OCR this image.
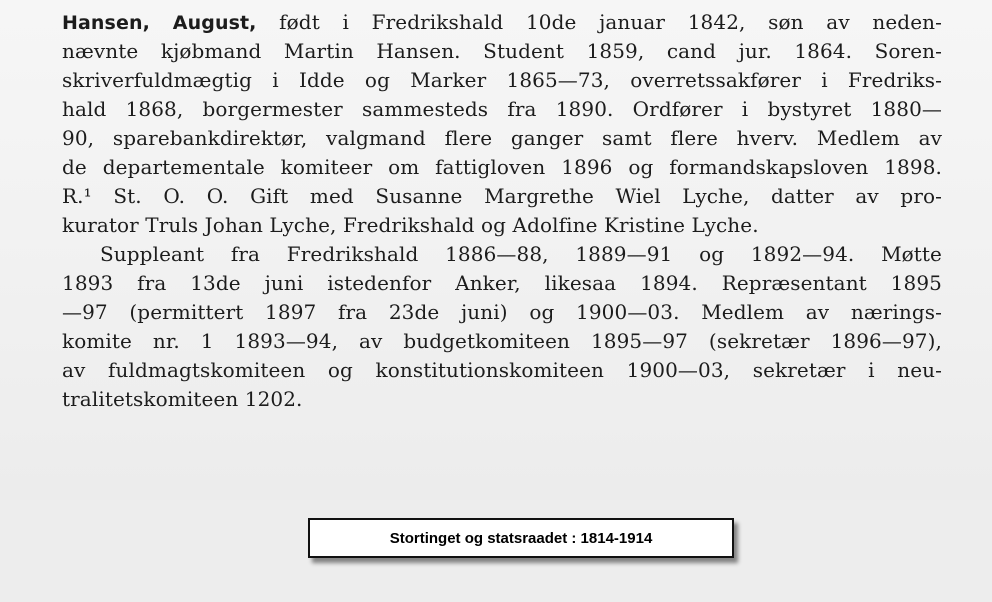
Hansen, August, født i Fredrikshald 10de januar 1842, søn av neden-
nævnte kjøbmand Martin Hansen. Student 1859, cand jur. 1864. Soren-
skriverfuldmægtig i Idde og Marker 1865—73, overretssakfører i Fredriks-
hald 1868, borgermester sammesteds fra 1890. Ordfører i bystyret 1880—
90, sparebankdirektør, valgmand flere ganger samt flere hverv. Medlem av
de departementale komiteer om fattigloven 1896 og formandskapsloven 1898.
R.¹ St. O. O. Gift med Susanne Margrethe Wiel Lyche, datter av pro-
kurator Truls Johan Lyche, Fredrikshald og Adolfine Kristine Lyche.
Suppleant fra Fredrikshald 1886—88, 1889—91 og 1892—94. Møtte
1893 fra 13de juni istedenfor Anker, likesaa 1894. Repræsentant 1895
—97 (permittert 1897 fra 23de juni) og 1900—03. Medlem av nærings-
komite nr. 1 1893—94, av budgetkomiteen 1895—97 (sekretær 1896—97),
av fuldmagtskomiteen og konstitutionskomiteen 1900—03, sekretær i neu-
tralitetskomiteen 1202.
Stortinget og statsraadet : 1814-1914
